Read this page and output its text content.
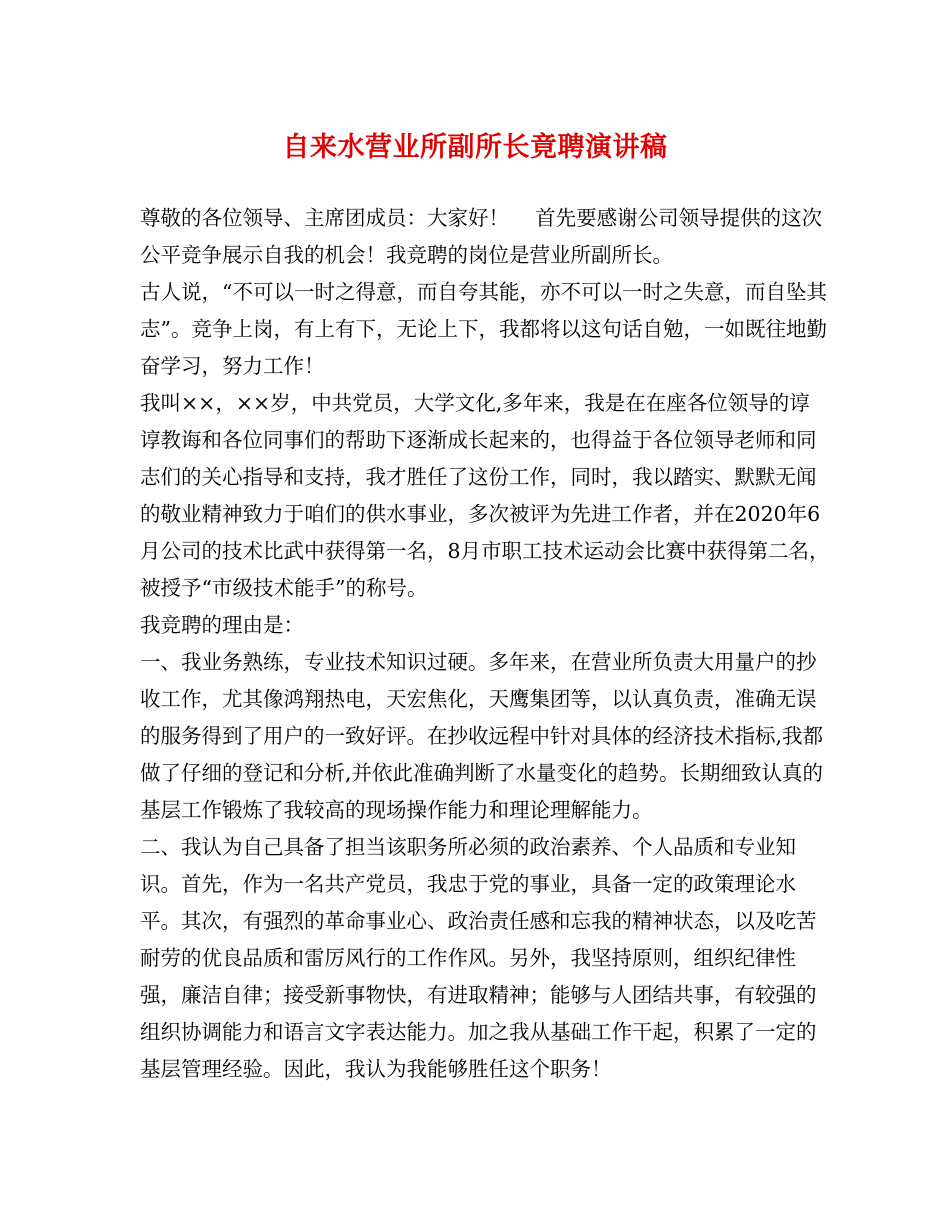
自来水营业所副所长竟聘演讲稿

尊敬的各位领导、主席团成员：大家好！    首先要感谢公司领导提供的这次公平竞争展示自我的机会！我竞聘的岗位是营业所副所长。

古人说，“不可以一时之得意，而自夸其能，亦不可以一时之失意，而自坠其志”。竞争上岗，有上有下，无论上下，我都将以这句话自勉，一如既往地勤奋学习，努力工作！

我叫××，××岁，中共党员，大学文化,多年来，我是在在座各位领导的谆谆教诲和各位同事们的帮助下逐渐成长起来的，也得益于各位领导老师和同志们的关心指导和支持，我才胜任了这份工作，同时，我以踏实、默默无闻的敬业精神致力于咱们的供水事业，多次被评为先进工作者，并在2020年6月公司的技术比武中获得第一名，8月市职工技术运动会比赛中获得第二名，被授予“市级技术能手”的称号。

我竞聘的理由是：

一、我业务熟练，专业技术知识过硬。多年来，在营业所负责大用量户的抄收工作，尤其像鸿翔热电，天宏焦化，天鹰集团等，以认真负责，准确无误的服务得到了用户的一致好评。在抄收远程中针对具体的经济技术指标,我都做了仔细的登记和分析,并依此准确判断了水量变化的趋势。长期细致认真的基层工作锻炼了我较高的现场操作能力和理论理解能力。

二、我认为自己具备了担当该职务所必须的政治素养、个人品质和专业知识。首先，作为一名共产党员，我忠于党的事业，具备一定的政策理论水平。其次，有强烈的革命事业心、政治责任感和忘我的精神状态，以及吃苦耐劳的优良品质和雷厉风行的工作作风。另外，我坚持原则，组织纪律性强，廉洁自律；接受新事物快，有进取精神；能够与人团结共事，有较强的组织协调能力和语言文字表达能力。加之我从基础工作干起，积累了一定的基层管理经验。因此，我认为我能够胜任这个职务！
